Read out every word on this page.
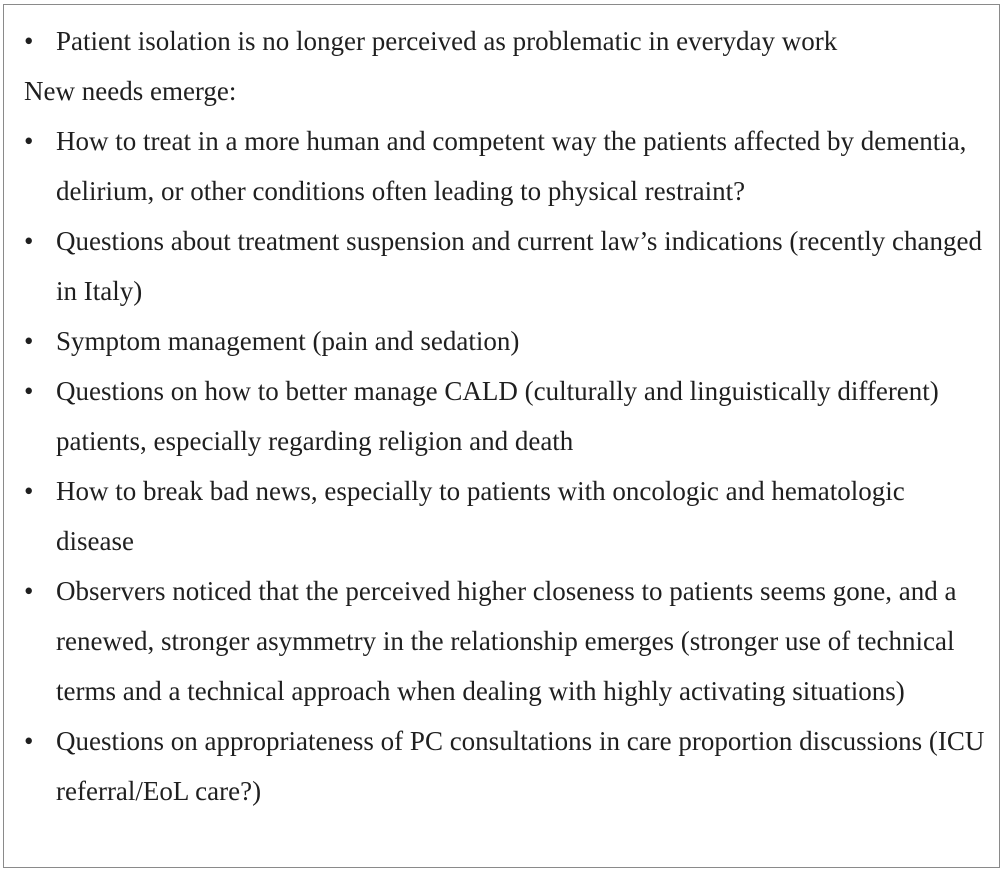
• Patient isolation is no longer perceived as problematic in everyday work

New needs emerge:

• How to treat in a more human and competent way the patients affected by dementia, delirium, or other conditions often leading to physical restraint?

• Questions about treatment suspension and current law’s indications (recently changed in Italy)

• Symptom management (pain and sedation)

• Questions on how to better manage CALD (culturally and linguistically different) patients, especially regarding religion and death

• How to break bad news, especially to patients with oncologic and hematologic disease

• Observers noticed that the perceived higher closeness to patients seems gone, and a renewed, stronger asymmetry in the relationship emerges (stronger use of technical terms and a technical approach when dealing with highly activating situations)

• Questions on appropriateness of PC consultations in care proportion discussions (ICU referral/EoL care?)
